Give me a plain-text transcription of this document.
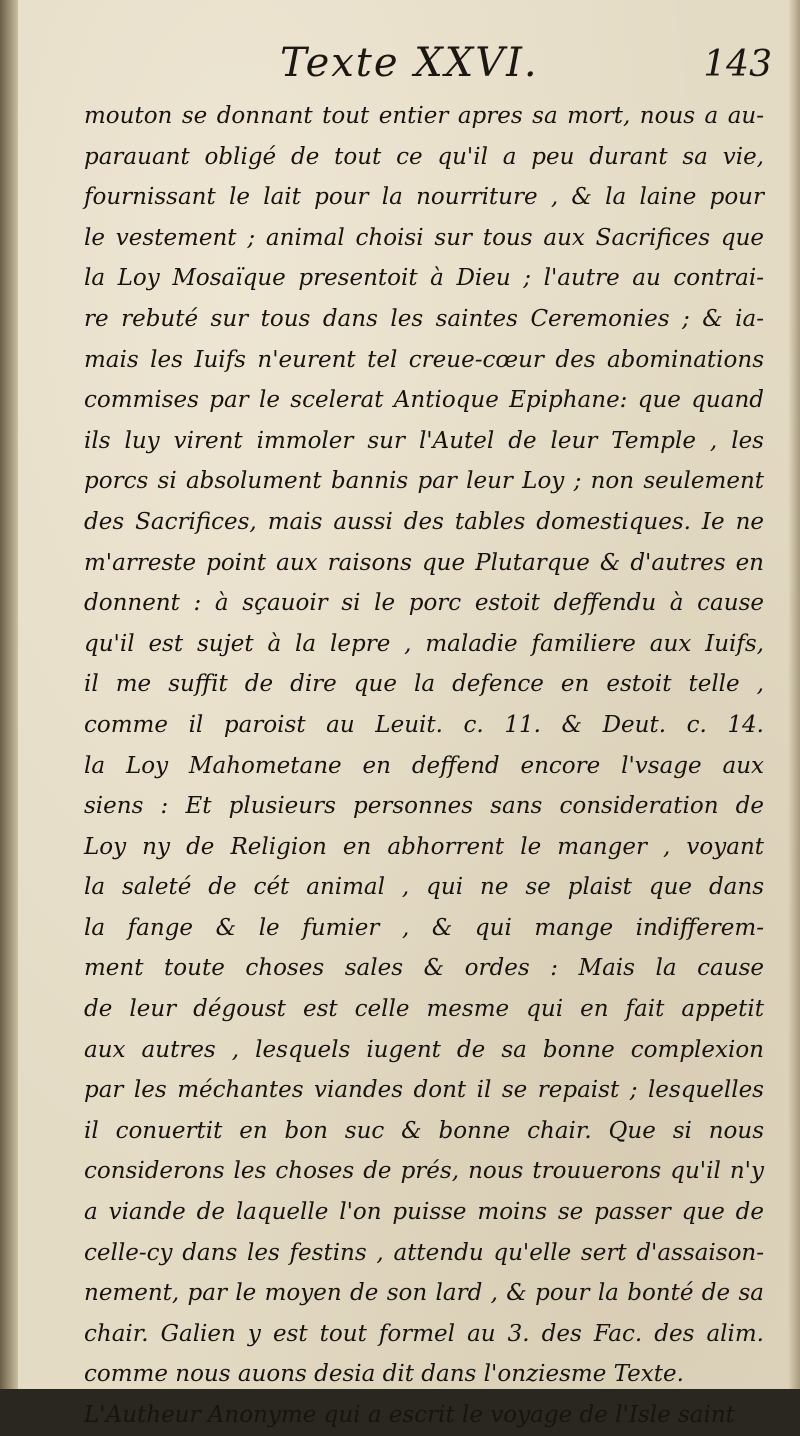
Texte XXVI.	143
mouton se donnant tout entier apres sa mort, nous a au-
parauant obligé de tout ce qu'il a peu durant sa vie,
fournissant le lait pour la nourriture , & la laine pour
le vestement ; animal choisi sur tous aux Sacrifices que
la Loy Mosaïque presentoit à Dieu ; l'autre au contrai-
re rebuté sur tous dans les saintes Ceremonies ; & ia-
mais les Iuifs n'eurent tel creue-cœur des abominations
commises par le scelerat Antioque Epiphane: que quand
ils luy virent immoler sur l'Autel de leur Temple , les
porcs si absolument bannis par leur Loy ; non seulement
des Sacrifices, mais aussi des tables domestiques. Ie ne
m'arreste point aux raisons que Plutarque & d'autres en
donnent : à sçauoir si le porc estoit deffendu à cause
qu'il est sujet à la lepre , maladie familiere aux Iuifs,
il me suffit de dire que la defence en estoit telle ,
comme il paroist au Leuit. c. 11. & Deut. c. 14.
la Loy Mahometane en deffend encore l'vsage aux
siens : Et plusieurs personnes sans consideration de
Loy ny de Religion en abhorrent le manger , voyant
la saleté de cét animal , qui ne se plaist que dans
la fange & le fumier , & qui mange indifferem-
ment toute choses sales & ordes : Mais la cause
de leur dégoust est celle mesme qui en fait appetit
aux autres , lesquels iugent de sa bonne complexion
par les méchantes viandes dont il se repaist ; lesquelles
il conuertit en bon suc & bonne chair. Que si nous
considerons les choses de prés, nous trouuerons qu'il n'y
a viande de laquelle l'on puisse moins se passer que de
celle-cy dans les festins , attendu qu'elle sert d'assaison-
nement, par le moyen de son lard , & pour la bonté de sa
chair. Galien y est tout formel au 3. des Fac. des alim.
comme nous auons desia dit dans l'onziesme Texte.
L'Autheur Anonyme qui a escrit le voyage de l'Isle saint
